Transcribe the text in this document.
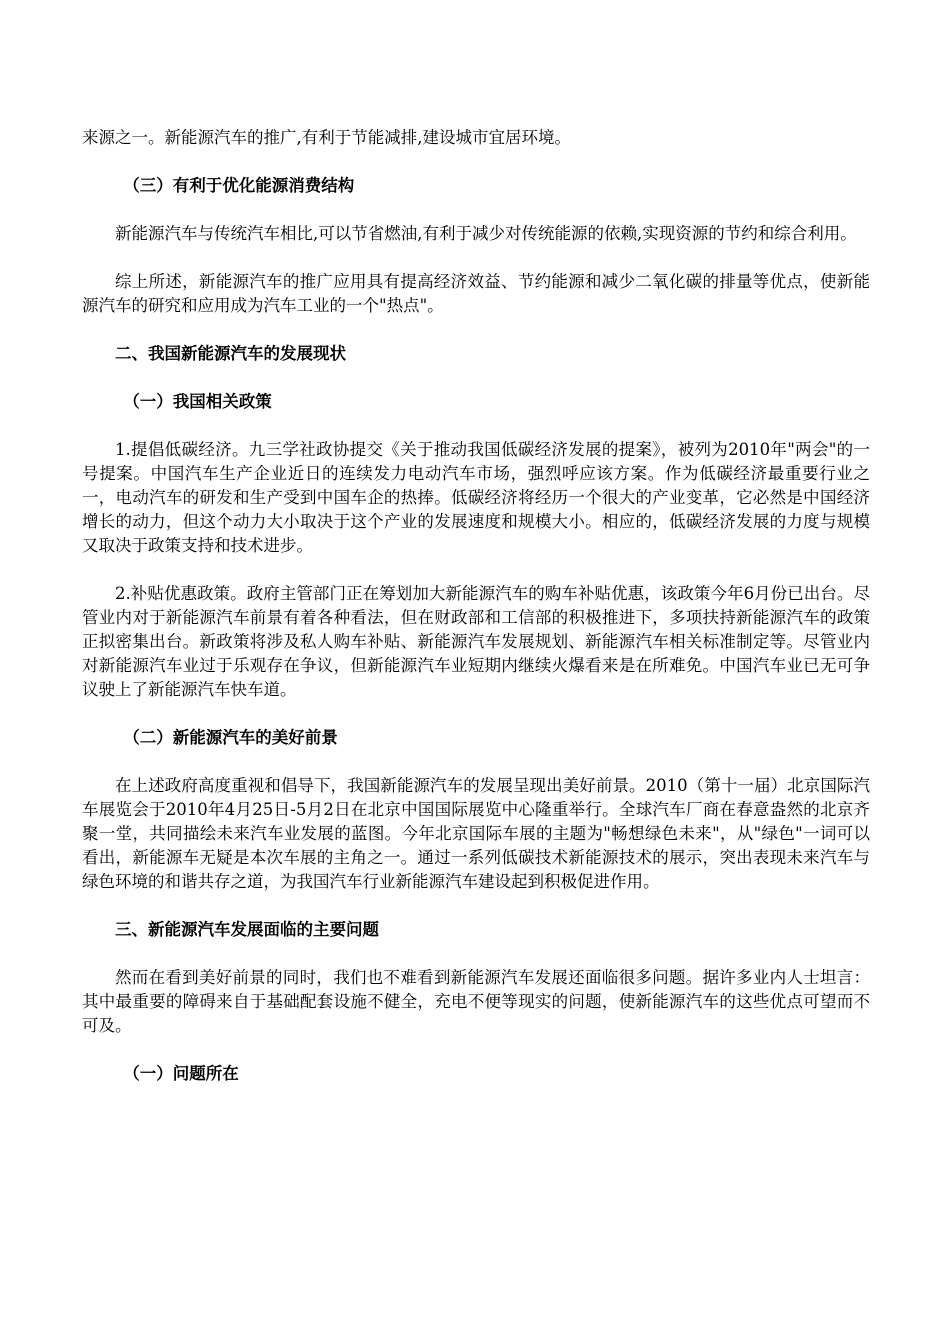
来源之一。新能源汽车的推广,有利于节能减排,建设城市宜居环境。

（三）有利于优化能源消费结构

新能源汽车与传统汽车相比,可以节省燃油,有利于减少对传统能源的依赖,实现资源的节约和综合利用。

综上所述，新能源汽车的推广应用具有提高经济效益、节约能源和减少二氧化碳的排量等优点，使新能源汽车的研究和应用成为汽车工业的一个"热点"。

二、我国新能源汽车的发展现状
（一）我国相关政策

1.提倡低碳经济。九三学社政协提交《关于推动我国低碳经济发展的提案》，被列为2010年"两会"的一号提案。中国汽车生产企业近日的连续发力电动汽车市场，强烈呼应该方案。作为低碳经济最重要行业之一，电动汽车的研发和生产受到中国车企的热捧。低碳经济将经历一个很大的产业变革，它必然是中国经济增长的动力，但这个动力大小取决于这个产业的发展速度和规模大小。相应的，低碳经济发展的力度与规模又取决于政策支持和技术进步。

2.补贴优惠政策。政府主管部门正在筹划加大新能源汽车的购车补贴优惠，该政策今年6月份已出台。尽管业内对于新能源汽车前景有着各种看法，但在财政部和工信部的积极推进下，多项扶持新能源汽车的政策正拟密集出台。新政策将涉及私人购车补贴、新能源汽车发展规划、新能源汽车相关标准制定等。尽管业内对新能源汽车业过于乐观存在争议，但新能源汽车业短期内继续火爆看来是在所难免。中国汽车业已无可争议驶上了新能源汽车快车道。

（二）新能源汽车的美好前景

在上述政府高度重视和倡导下，我国新能源汽车的发展呈现出美好前景。2010（第十一届）北京国际汽车展览会于2010年4月25日-5月2日在北京中国国际展览中心隆重举行。全球汽车厂商在春意盎然的北京齐聚一堂，共同描绘未来汽车业发展的蓝图。今年北京国际车展的主题为"畅想绿色未来"，从"绿色"一词可以看出，新能源车无疑是本次车展的主角之一。通过一系列低碳技术新能源技术的展示，突出表现未来汽车与绿色环境的和谐共存之道，为我国汽车行业新能源汽车建设起到积极促进作用。

三、新能源汽车发展面临的主要问题

然而在看到美好前景的同时，我们也不难看到新能源汽车发展还面临很多问题。据许多业内人士坦言：其中最重要的障碍来自于基础配套设施不健全，充电不便等现实的问题，使新能源汽车的这些优点可望而不可及。

（一）问题所在
